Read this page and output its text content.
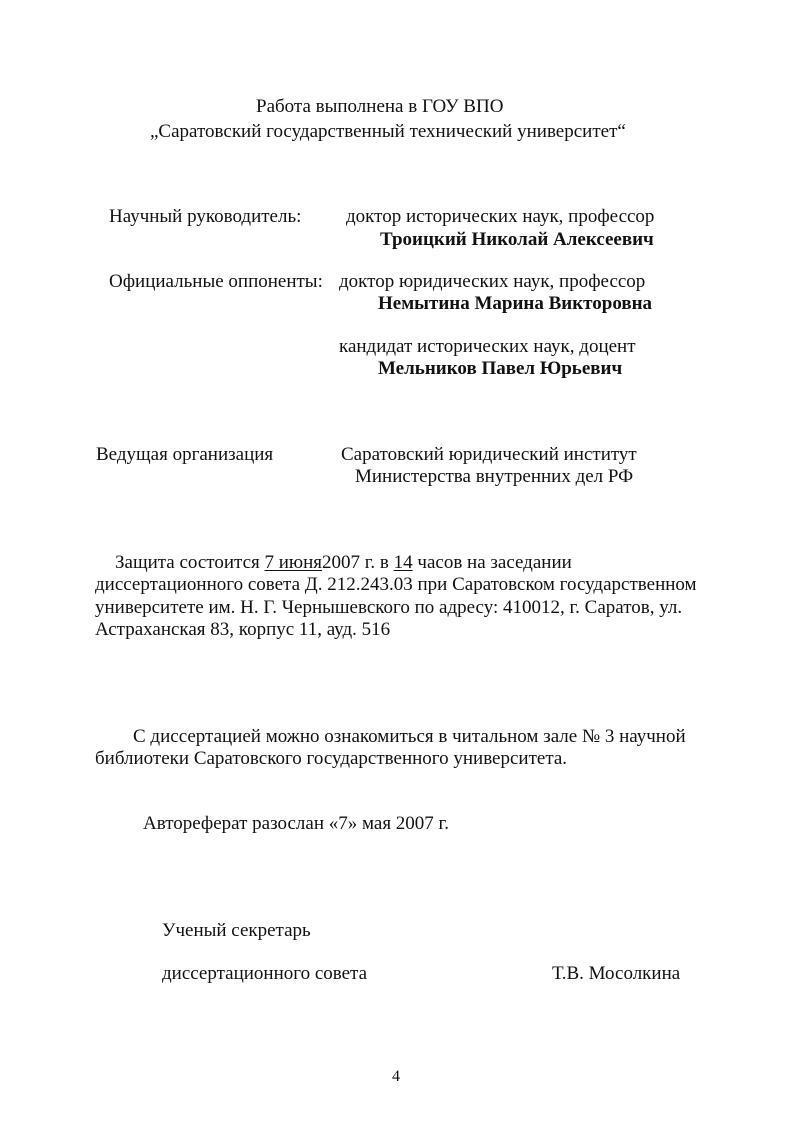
Работа выполнена в ГОУ ВПО
„Саратовский государственный технический университет“
Научный руководитель: доктор исторических наук, профессор
Троицкий Николай Алексеевич
Официальные оппоненты: доктор юридических наук, профессор
Немытина Марина Викторовна
кандидат исторических наук, доцент
Мельников Павел Юрьевич
Ведущая организация	Саратовский юридический институт
Министерства внутренних дел РФ
Защита состоится 7 июня2007 г. в 14 часов на заседании
диссертационного совета Д. 212.243.03 при Саратовском государственном
университете им. Н. Г. Чернышевского по адресу: 410012, г. Саратов, ул.
Астраханская 83, корпус 11, ауд. 516
С диссертацией можно ознакомиться в читальном зале № 3 научной
библиотеки Саратовского государственного университета.
Автореферат разослан «7» мая 2007 г.
Ученый секретарь
диссертационного совета	Т.В. Мосолкина
4
